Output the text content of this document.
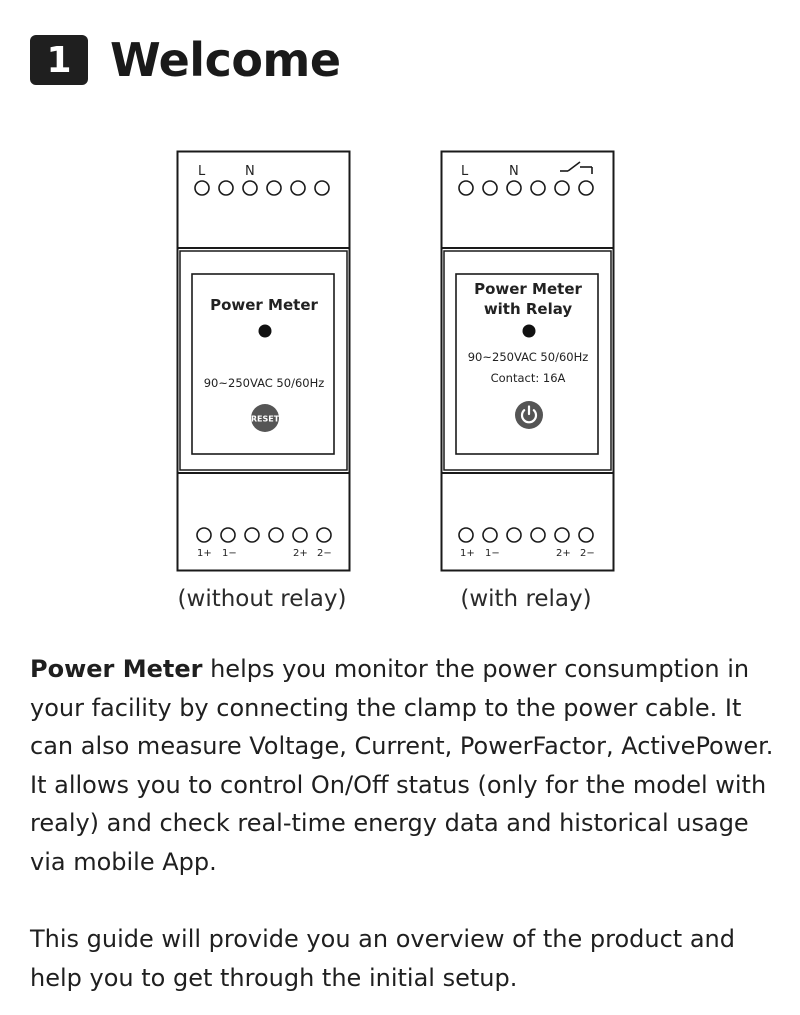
1 Welcome
L	N
Power Meter
90~250VAC 50/60Hz
RESET
1+ 1−	2+ 2−
L	N
Power Meter
with Relay
90~250VAC 50/60Hz
Contact: 16A
1+ 1−	2+ 2−
(without relay)	(with relay)

Power Meter helps you monitor the power consumption in your facility by connecting the clamp to the power cable. It can also measure Voltage, Current, PowerFactor, ActivePower. It allows you to control On/Off status (only for the model with realy) and check real-time energy data and historical usage via mobile App.

This guide will provide you an overview of the product and help you to get through the initial setup.
